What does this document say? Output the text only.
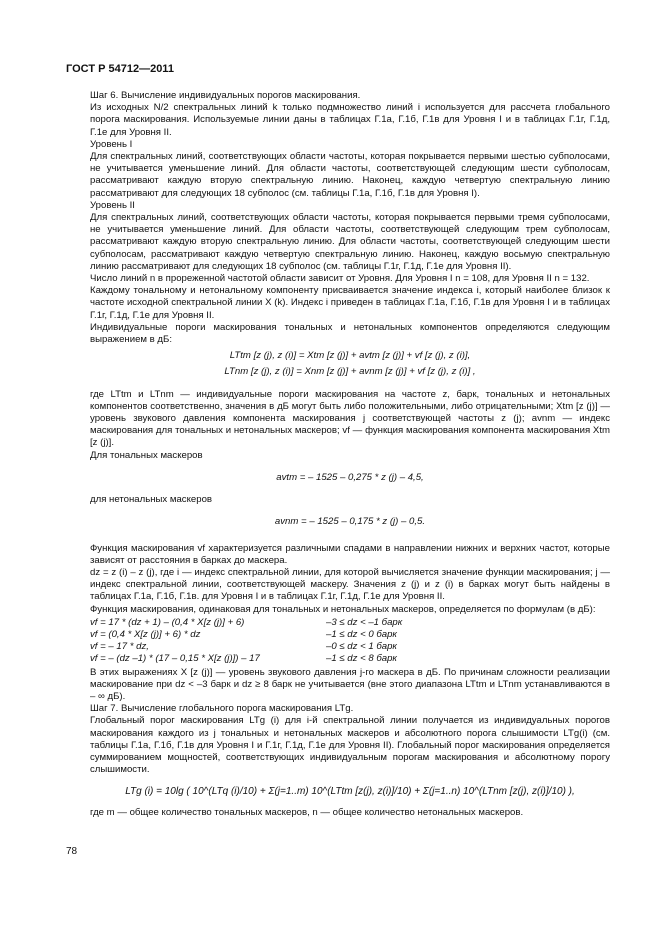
ГОСТ Р 54712—2011

Шаг 6. Вычисление индивидуальных порогов маскирования.

Из исходных N/2 спектральных линий k только подмножество линий i используется для рассчета глобального порога маскирования. Используемые линии даны в таблицах Г.1а, Г.1б, Г.1в для Уровня I и в таблицах Г.1г, Г.1д, Г.1е для Уровня II.

Уровень I

Для спектральных линий, соответствующих области частоты, которая покрывается первыми шестью субполосами, не учитывается уменьшение линий. Для области частоты, соответствующей следующим шести субполосам, рассматривают каждую вторую спектральную линию. Наконец, каждую четвертую спектральную линию рассматривают для следующих 18 субполос (см. таблицы Г.1а, Г.1б, Г.1в для Уровня I).

Уровень II

Для спектральных линий, соответствующих области частоты, которая покрывается первыми тремя субполосами, не учитывается уменьшение линий. Для области частоты, соответствующей следующим трем субполосам, рассматривают каждую вторую спектральную линию. Для области частоты, соответствующей следующим шести субполосам, рассматривают каждую четвертую спектральную линию. Наконец, каждую восьмую спектральную линию рассматривают для следующих 18 субполос (см. таблицы Г.1г, Г.1д, Г.1е для Уровня II).

Число линий n в прореженной частотой области зависит от Уровня. Для Уровня I n = 108, для Уровня II n = 132.

Каждому тональному и нетональному компоненту присваивается значение индекса i, который наиболее близок к частоте исходной спектральной линии X (k). Индекс i приведен в таблицах Г.1а, Г.1б, Г.1в для Уровня I и в таблицах Г.1г, Г.1д, Г.1е для Уровня II.

Индивидуальные пороги маскирования тональных и нетональных компонентов определяются следующим выражением в дБ:

LTtm [z (j), z (i)] = Xtm [z (j)] + avtm [z (j)] + vf [z (j), z (i)],

LTnm [z (j), z (i)] = Xnm [z (j)] + avnm [z (j)] + vf [z (j), z (i)] ,

где LTtm и LTnm — индивидуальные пороги маскирования на частоте z, барк, тональных и нетональных компонентов соответственно, значения в дБ могут быть либо положительными, либо отрицательными; Xtm [z (j)] — уровень звукового давления компонента маскирования j соответствующей частоты z (j); avnm — индекс маскирования для тональных и нетональных маскеров; vf — функция маскирования компонента маскирования Xtm [z (j)].

Для тональных маскеров

avtm = – 1525 – 0,275 * z (j) – 4,5,

для нетональных маскеров

avnm = – 1525 – 0,175 * z (j) – 0,5.

Функция маскирования vf характеризуется различными спадами в направлении нижних и верхних частот, которые зависят от расстояния в барках до маскера.

dz = z (i) – z (j), где i — индекс спектральной линии, для которой вычисляется значение функции маскирования; j — индекс спектральной линии, соответствующей маскеру. Значения z (j) и z (i) в барках могут быть найдены в таблицах Г.1а, Г.1б, Г.1в. для Уровня I и в таблицах Г.1г, Г.1д, Г.1е для Уровня II.

Функция маскирования, одинаковая для тональных и нетональных маскеров, определяется по формулам (в дБ):

vf = 17 * (dz + 1) – (0,4 * X[z (j)] + 6)	–3 ≤ dz < –1 барк
vf = (0,4 * X[z (j)] + 6) * dz	–1 ≤ dz < 0 барк
vf = – 17 * dz,	–0 ≤ dz < 1 барк
vf = – (dz –1) * (17 – 0,15 * X[z (j)]) – 17	–1 ≤ dz < 8 барк

В этих выражениях X [z (j)] — уровень звукового давления j-го маскера в дБ. По причинам сложности реализации маскирование при dz < –3 барк и dz ≥ 8 барк не учитывается (вне этого диапазона LTtm и LTnm устанавливаются в – ∞ дБ).

Шаг 7. Вычисление глобального порога маскирования LTg.

Глобальный порог маскирования LTg (i) для i-й спектральной линии получается из индивидуальных порогов маскирования каждого из j тональных и нетональных маскеров и абсолютного порога слышимости LTg(i) (см. таблицы Г.1а, Г.1б, Г.1в для Уровня I и Г.1г, Г.1д, Г.1е для Уровня II). Глобальный порог маскирования определяется суммированием мощностей, соответствующих индивидуальным порогам маскирования и абсолютному порогу слышимости.

LTg (i) = 10lg ( 10^(LTq (i)/10) + Σ(j=1..m) 10^(LTtm [z(j), z(i)]/10) + Σ(j=1..n) 10^(LTnm [z(j), z(i)]/10) ),

где m — общее количество тональных маскеров, n — общее количество нетональных маскеров.

78
